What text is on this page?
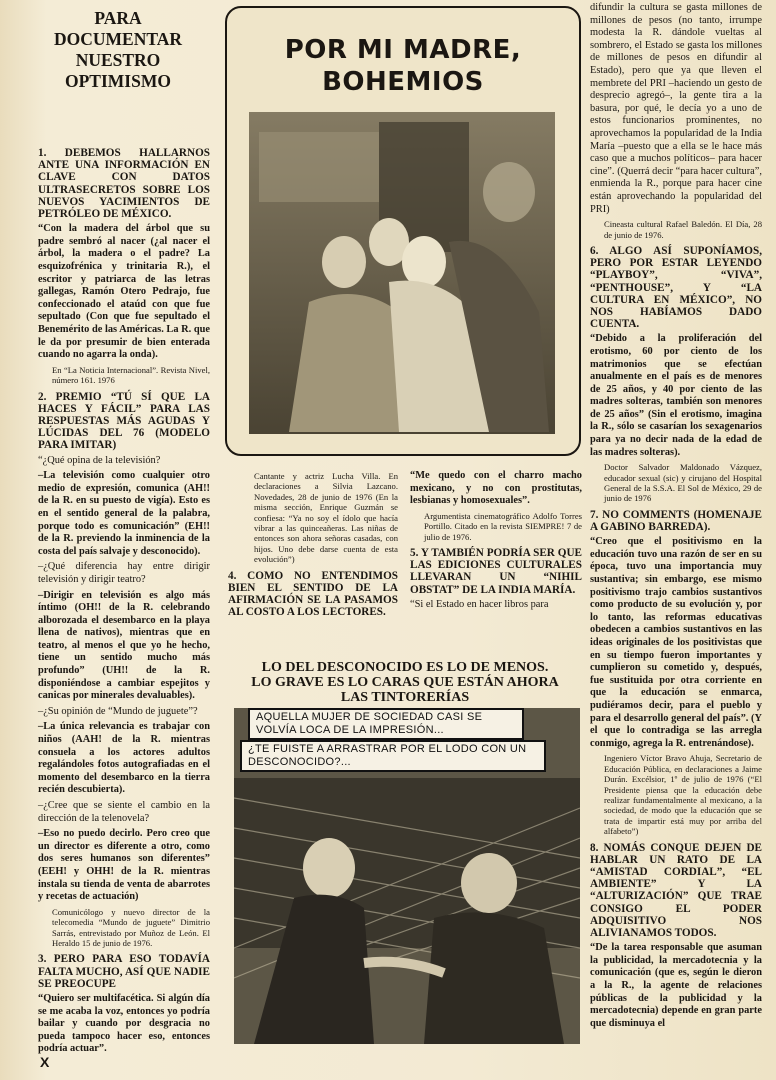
PARA DOCUMENTAR NUESTRO OPTIMISMO
1. DEBEMOS HALLARNOS ANTE UNA INFORMACIÓN EN CLAVE CON DATOS ULTRASECRETOS SOBRE LOS NUEVOS YACIMIENTOS DE PETRÓLEO DE MÉXICO.

“Con la madera del árbol que su padre sembró al nacer (¿al nacer el árbol, la madera o el padre? La esquizofrénica y trinitaria R.), el escritor y patriarca de las letras gallegas, Ramón Otero Pedrajo, fue confeccionado el ataúd con que fue sepultado (Con que fue sepultado el Benemérito de las Américas. La R. que le da por presumir de bien enterada cuando no agarra la onda).

En “La Noticia Internacional”. Revista Nivel, número 161. 1976
2. PREMIO “TÚ SÍ QUE LA HACES Y FÁCIL” PARA LAS RESPUESTAS MÁS AGUDAS Y LÚCIDAS DEL 76 (MODELO PARA IMITAR)

“¿Qué opina de la televisión?

–La televisión como cualquier otro medio de expresión, comunica (AH!! de la R. en su puesto de vigía). Esto es en el sentido general de la palabra, porque todo es comunicación” (EH!! de la R. previendo la inminencia de la costa del país salvaje y desconocido).

–¿Qué diferencia hay entre dirigir televisión y dirigir teatro?

–Dirigir en televisión es algo más íntimo (OH!! de la R. celebrando alborozada el desembarco en la playa llena de nativos), mientras que en teatro, al menos el que yo he hecho, tiene un sentido mucho más profundo” (UH!! de la R. disponiéndose a cambiar espejitos y canicas por minerales devaluables).

–¿Su opinión de “Mundo de juguete”?

–La única relevancia es trabajar con niños (AAH! de la R. mientras consuela a los actores adultos regalándoles fotos autografiadas en el momento del desembarco en la tierra recién descubierta).

–¿Cree que se siente el cambio en la dirección de la telenovela?

–Eso no puedo decirlo. Pero creo que un director es diferente a otro, como dos seres humanos son diferentes” (EEH! y OHH! de la R. mientras instala su tienda de venta de abarrotes y recetas de actuación)

Comunicólogo y nuevo director de la telecomedia “Mundo de juguete” Dimitrio Sarrás, entrevistado por Muñoz de León. El Heraldo 15 de junio de 1976.
3. PERO PARA ESO TODAVÍA FALTA MUCHO, ASÍ QUE NADIE SE PREOCUPE

“Quiero ser multifacética. Si algún día se me acaba la voz, entonces yo podría bailar y cuando por desgracia no pueda tampoco hacer eso, entonces podría actuar”.

POR MI MADRE, BOHEMIOS
Cantante y actriz Lucha Villa. En declaraciones a Silvia Lazcano. Novedades, 28 de junio de 1976 (En la misma sección, Enrique Guzmán se confiesa: “Ya no soy el ídolo que hacía vibrar a las quinceañeras. Las niñas de entonces son ahora señoras casadas, con hijos. Uno debe darse cuenta de esta evolución”)
4. COMO NO ENTENDIMOS BIEN EL SENTIDO DE LA AFIRMACIÓN SE LA PASAMOS AL COSTO A LOS LECTORES.

“Me quedo con el charro macho mexicano, y no con prostitutas, lesbianas y homosexuales”.

Argumentista cinematográfico Adolfo Torres Portillo. Citado en la revista SIEMPRE! 7 de julio de 1976.
5. Y TAMBIÉN PODRÍA SER QUE LAS EDICIONES CULTURALES LLEVARAN UN “NIHIL OBSTAT” DE LA INDIA MARÍA.

“Si el Estado en hacer libros para

LO DEL DESCONOCIDO ES LO DE MENOS. LO GRAVE ES LO CARAS QUE ESTÁN AHORA LAS TINTORERÍAS
AQUELLA MUJER DE SOCIEDAD CASI SE VOLVÍA LOCA DE LA IMPRESIÓN...
¿TE FUISTE A ARRASTRAR POR EL LODO CON UN DESCONOCIDO?...

difundir la cultura se gasta millones de millones de pesos (no tanto, irrumpe modesta la R. dándole vueltas al sombrero, el Estado se gasta los millones de millones de pesos en difundir al Estado), pero que ya que lleven el membrete del PRI –haciendo un gesto de desprecio agregó–, la gente tira a la basura, por qué, le decía yo a uno de estos funcionarios prominentes, no aprovechamos la popularidad de la India María –puesto que a ella se le hace más caso que a muchos políticos– para hacer cine”. (Querrá decir “para hacer cultura”, enmienda la R., porque para hacer cine están aprovechando la popularidad del PRI)

Cineasta cultural Rafael Baledón. El Día, 28 de junio de 1976.
6. ALGO ASÍ SUPONÍAMOS, PERO POR ESTAR LEYENDO “PLAYBOY”, “VIVA”, “PENTHOUSE”, Y “LA CULTURA EN MÉXICO”, NO NOS HABÍAMOS DADO CUENTA.

“Debido a la proliferación del erotismo, 60 por ciento de los matrimonios que se efectúan anualmente en el país es de menores de 25 años, y 40 por ciento de las madres solteras, también son menores de 25 años” (Sin el erotismo, imagina la R., sólo se casarían los sexagenarios para ya no decir nada de la edad de las madres solteras).

Doctor Salvador Maldonado Vázquez, educador sexual (sic) y cirujano del Hospital General de la S.S.A. El Sol de México, 29 de junio de 1976
7. NO COMMENTS (HOMENAJE A GABINO BARREDA).

“Creo que el positivismo en la educación tuvo una razón de ser en su época, tuvo una importancia muy sustantiva; sin embargo, ese mismo positivismo trajo cambios sustantivos como producto de su evolución y, por lo tanto, las reformas educativas obedecen a cambios sustantivos en las ideas originales de los positivistas que en su tiempo fueron importantes y cumplieron su cometido y, después, fue sustituida por otra corriente en que la educación se enmarca, pudiéramos decir, para el pueblo y para el desarrollo general del país”. (Y el que lo contradiga se las arregla conmigo, agrega la R. entrenándose).

Ingeniero Víctor Bravo Ahuja, Secretario de Educación Pública, en declaraciones a Jaime Durán. Excélsior, 1º de julio de 1976 (“El Presidente piensa que la educación debe realizar fundamentalmente al mexicano, a la sociedad, de modo que la educación que se trata de impartir está muy por arriba del alfabeto”)
8. NOMÁS CONQUE DEJEN DE HABLAR UN RATO DE LA “AMISTAD CORDIAL”, “EL AMBIENTE” Y LA “ALTURIZACIÓN” QUE TRAE CONSIGO EL PODER ADQUISITIVO NOS ALIVIANAMOS TODOS.

“De la tarea responsable que asuman la publicidad, la mercadotecnia y la comunicación (que es, según le dieron a la R., la agente de relaciones públicas de la publicidad y la mercadotecnia) depende en gran parte que disminuya el

X
